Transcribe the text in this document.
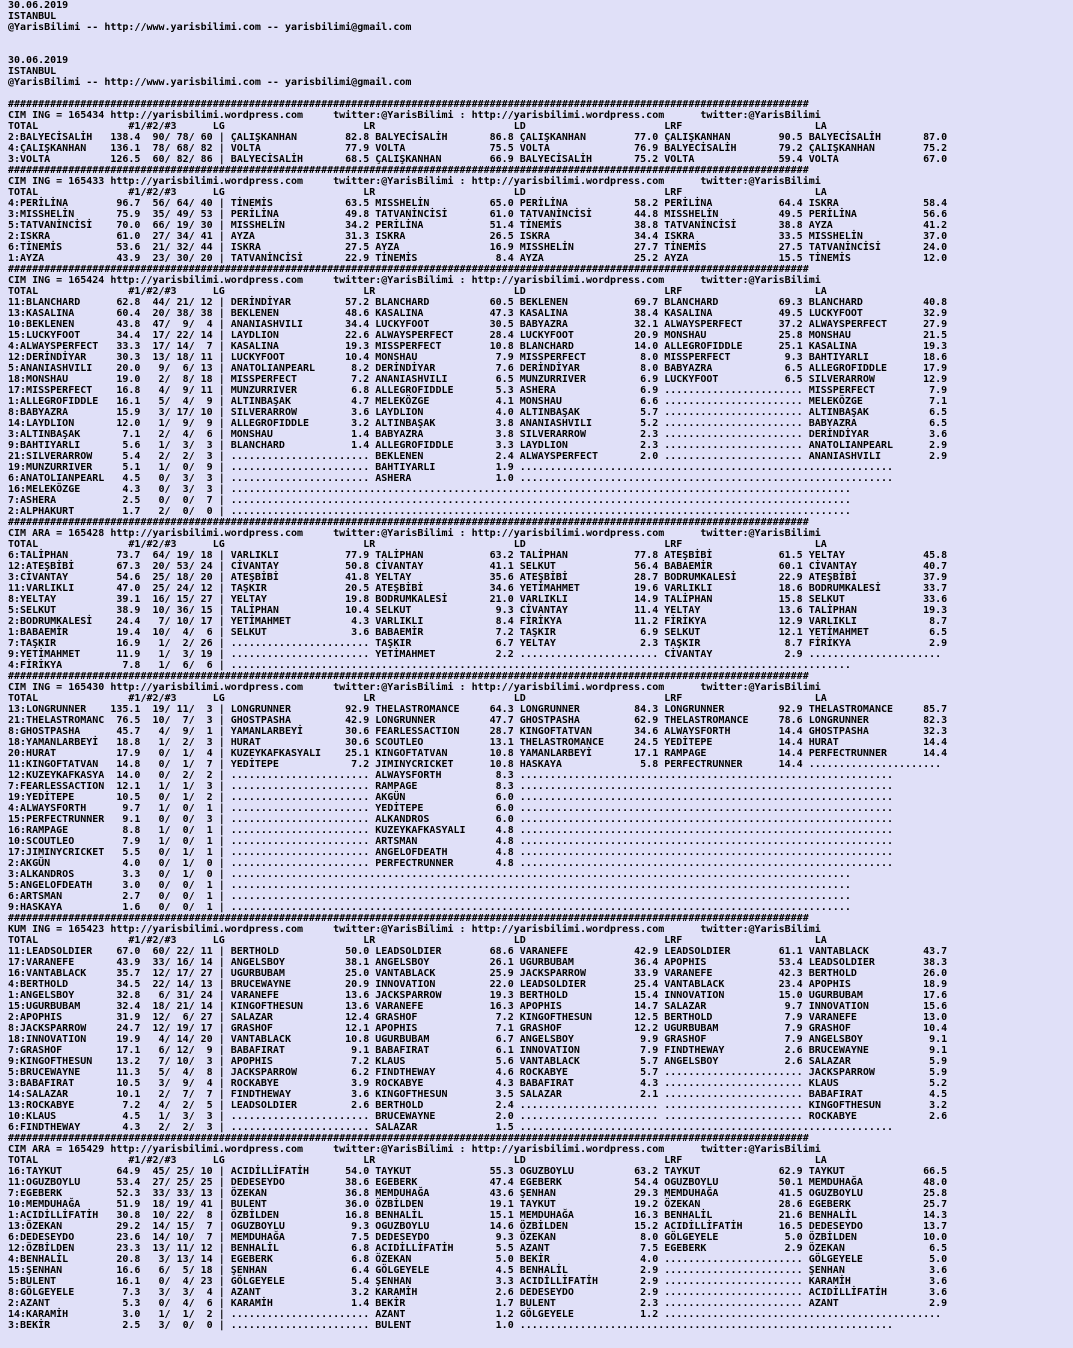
30.06.2019
ISTANBUL
@YarisBilimi -- http://www.yarisbilimi.com -- yarisbilimi@gmail.com
30.06.2019
ISTANBUL
@YarisBilimi -- http://www.yarisbilimi.com -- yarisbilimi@gmail.com
#####################################################################################################################################
CIM ING = 165434 http://yarisbilimi.wordpress.com     twitter:@YarisBilimi : http://yarisbilimi.wordpress.com      twitter:@YarisBilimi
TOTAL               #1/#2/#3      LG                       LR                       LD                       LRF                      LA
2:BALYECİSALİH   138.4  90/ 78/ 60 | ÇALIŞKANHAN        82.8 BALYECİSALİH       86.8 ÇALIŞKANHAN        77.0 ÇALIŞKANHAN        90.5 BALYECİSALİH       87.0
4:ÇALIŞKANHAN    136.1  78/ 68/ 82 | VOLTA              77.9 VOLTA              75.5 VOLTA              76.9 BALYECİSALİH       79.2 ÇALIŞKANHAN        75.2
3:VOLTA          126.5  60/ 82/ 86 | BALYECİSALİH       68.5 ÇALIŞKANHAN        66.9 BALYECİSALİH       75.2 VOLTA              59.4 VOLTA              67.0
#####################################################################################################################################
CIM ING = 165433 http://yarisbilimi.wordpress.com     twitter:@YarisBilimi : http://yarisbilimi.wordpress.com      twitter:@YarisBilimi
TOTAL               #1/#2/#3      LG                       LR                       LD                       LRF                      LA
4:PERİLİNA        96.7  56/ 64/ 40 | TİNEMİS            63.5 MISSHELİN          65.0 PERİLİNA           58.2 PERİLİNA           64.4 ISKRA              58.4
3:MISSHELİN       75.9  35/ 49/ 53 | PERİLİNA           49.8 TATVANİNCİSİ       61.0 TATVANİNCİSİ       44.8 MISSHELİN          49.5 PERİLİNA           56.6
5:TATVANİNCİSİ    70.0  66/ 19/ 30 | MISSHELİN          34.2 PERİLİNA           51.4 TİNEMİS            38.8 TATVANİNCİSİ       38.8 AYZA               41.2
2:ISKRA           61.0  27/ 34/ 41 | AYZA               31.3 ISKRA              26.5 ISKRA              34.4 ISKRA              33.5 MISSHELİN          37.0
6:TİNEMİS         53.6  21/ 32/ 44 | ISKRA              27.5 AYZA               16.9 MISSHELİN          27.7 TİNEMİS            27.5 TATVANİNCİSİ       24.0
1:AYZA            43.9  23/ 30/ 20 | TATVANİNCİSİ       22.9 TİNEMİS             8.4 AYZA               25.2 AYZA               15.5 TİNEMİS            12.0
#####################################################################################################################################
CIM ING = 165424 http://yarisbilimi.wordpress.com     twitter:@YarisBilimi : http://yarisbilimi.wordpress.com      twitter:@YarisBilimi
TOTAL               #1/#2/#3      LG                       LR                       LD                       LRF                      LA
11:BLANCHARD      62.8  44/ 21/ 12 | DERİNDİYAR         57.2 BLANCHARD          60.5 BEKLENEN           69.7 BLANCHARD          69.3 BLANCHARD          40.8
13:KASALINA       60.4  20/ 38/ 38 | BEKLENEN           48.6 KASALINA           47.3 KASALINA           38.4 KASALINA           49.5 LUCKYFOOT          32.9
10:BEKLENEN       43.8  47/  9/  4 | ANANIASHVILI       34.4 LUCKYFOOT          30.5 BABYAZRA           32.1 ALWAYSPERFECT      37.2 ALWAYSPERFECT      27.9
15:LUCKYFOOT      34.4  17/ 22/ 14 | LAYDLION           22.6 ALWAYSPERFECT      28.4 LUCKYFOOT          20.9 MONSHAU            25.8 MONSHAU            21.5
4:ALWAYSPERFECT   33.3  17/ 14/  7 | KASALINA           19.3 MISSPERFECT        10.8 BLANCHARD          14.0 ALLEGROFIDDLE      25.1 KASALINA           19.3
12:DERİNDİYAR     30.3  13/ 18/ 11 | LUCKYFOOT          10.4 MONSHAU             7.9 MISSPERFECT         8.0 MISSPERFECT         9.3 BAHTIYARLI         18.6
5:ANANIASHVILI    20.0   9/  6/ 13 | ANATOLIANPEARL      8.2 DERİNDİYAR          7.6 DERİNDİYAR          8.0 BABYAZRA            6.5 ALLEGROFIDDLE      17.9
18:MONSHAU        19.0   2/  8/ 18 | MISSPERFECT         7.2 ANANIASHVILI        6.5 MUNZURRIVER         6.9 LUCKYFOOT           6.5 SILVERARROW        12.9
17:MISSPERFECT    16.8   4/  9/ 11 | MUNZURRIVER         6.8 ALLEGROFIDDLE       5.3 ASHERA              6.9 ....................... MISSPERFECT         7.9
1:ALLEGROFIDDLE   16.1   5/  4/  9 | ALTINBAŞAK          4.7 MELEKÖZGE           4.1 MONSHAU             6.6 ....................... MELEKÖZGE           7.1
8:BABYAZRA        15.9   3/ 17/ 10 | SILVERARROW         3.6 LAYDLION            4.0 ALTINBAŞAK          5.7 ....................... ALTINBAŞAK          6.5
14:LAYDLION       12.0   1/  9/  9 | ALLEGROFIDDLE       3.2 ALTINBAŞAK          3.8 ANANIASHVILI        5.2 ....................... BABYAZRA            6.5
3:ALTINBAŞAK       7.1   2/  4/  6 | MONSHAU             1.4 BABYAZRA            3.8 SILVERARROW         2.3 ....................... DERİNDİYAR          3.6
9:BAHTIYARLI       5.6   1/  3/  3 | BLANCHARD           1.4 ALLEGROFIDDLE       3.3 LAYDLION            2.3 ....................... ANATOLIANPEARL      2.9
21:SILVERARROW     5.4   2/  2/  3 | ....................... BEKLENEN            2.4 ALWAYSPERFECT       2.0 ....................... ANANIASHVILI        2.9
19:MUNZURRIVER     5.1   1/  0/  9 | ....................... BAHTIYARLI          1.9 ..............................................................
6:ANATOLIANPEARL   4.5   0/  3/  3 | ....................... ASHERA              1.0 ..............................................................
16:MELEKÖZGE       4.3   0/  3/  3 | .......................................................................................................
7:ASHERA           2.5   0/  0/  7 | .......................................................................................................
2:ALPHAKURT        1.7   2/  0/  0 | .......................................................................................................
#####################################################################################################################################
CIM ARA = 165428 http://yarisbilimi.wordpress.com     twitter:@YarisBilimi : http://yarisbilimi.wordpress.com      twitter:@YarisBilimi
TOTAL               #1/#2/#3      LG                       LR                       LD                       LRF                      LA
6:TALİPHAN        73.7  64/ 19/ 18 | VARLIKLI           77.9 TALİPHAN           63.2 TALİPHAN           77.8 ATEŞBİBİ           61.5 YELTAY             45.8
12:ATEŞBİBİ       67.3  20/ 53/ 24 | CİVANTAY           50.8 CİVANTAY           41.1 SELKUT             56.4 BABAEMİR           60.1 CİVANTAY           40.7
3:CİVANTAY        54.6  25/ 18/ 20 | ATEŞBİBİ           41.8 YELTAY             35.6 ATEŞBİBİ           28.7 BODRUMKALESİ       22.9 ATEŞBİBİ           37.9
11:VARLIKLI       47.0  25/ 24/ 12 | TAŞKIR             20.5 ATEŞBİBİ           34.6 YETİMAHMET         19.6 VARLIKLI           18.6 BODRUMKALESİ       33.7
8:YELTAY          39.1  16/ 15/ 27 | YELTAY             19.8 BODRUMKALESİ       21.0 VARLIKLI           14.9 TALİPHAN           15.8 SELKUT             33.6
5:SELKUT          38.9  10/ 36/ 15 | TALİPHAN           10.4 SELKUT              9.3 CİVANTAY           11.4 YELTAY             13.6 TALİPHAN           19.3
2:BODRUMKALESİ    24.4   7/ 10/ 17 | YETİMAHMET          4.3 VARLIKLI            8.4 FİRİKYA            11.2 FİRİKYA            12.9 VARLIKLI            8.7
1:BABAEMİR        19.4  10/  4/  6 | SELKUT              3.6 BABAEMİR            7.2 TAŞKIR              6.9 SELKUT             12.1 YETİMAHMET          6.5
7:TAŞKIR          16.9   1/  2/ 26 | ....................... TAŞKIR              6.7 YELTAY              2.3 TAŞKIR              8.7 FİRİKYA             2.9
9:YETİMAHMET      11.9   1/  3/ 19 | ....................... YETİMAHMET          2.2 ....................... CİVANTAY            2.9 ......................
4:FİRİKYA          7.8   1/  6/  6 | .......................................................................................................
#####################################################################################################################################
CIM ING = 165430 http://yarisbilimi.wordpress.com     twitter:@YarisBilimi : http://yarisbilimi.wordpress.com      twitter:@YarisBilimi
TOTAL               #1/#2/#3      LG                       LR                       LD                       LRF                      LA
13:LONGRUNNER    135.1  19/ 11/  3 | LONGRUNNER         92.9 THELASTROMANCE     64.3 LONGRUNNER         84.3 LONGRUNNER         92.9 THELASTROMANCE     85.7
21:THELASTROMANC  76.5  10/  7/  3 | GHOSTPASHA         42.9 LONGRUNNER         47.7 GHOSTPASHA         62.9 THELASTROMANCE     78.6 LONGRUNNER         82.3
8:GHOSTPASHA      45.7   4/  9/  1 | YAMANLARBEYİ       30.6 FEARLESSACTION     28.7 KINGOFTATVAN       34.6 ALWAYSFORTH        14.4 GHOSTPASHA         32.3
18:YAMANLARBEYİ   18.8   1/  2/  3 | HURAT              30.6 SCOUTLEO           13.1 THELASTROMANCE     24.5 YEDİTEPE           14.4 HURAT              14.4
20:HURAT          17.9   0/  1/  4 | KUZEYKAFKASYALI    25.1 KINGOFTATVAN       10.8 YAMANLARBEYİ       17.1 RAMPAGE            14.4 PERFECTRUNNER      14.4
11:KINGOFTATVAN   14.8   0/  1/  7 | YEDİTEPE            7.2 JIMINYCRICKET      10.8 HASKAYA             5.8 PERFECTRUNNER      14.4 ......................
12:KUZEYKAFKASYA  14.0   0/  2/  2 | ....................... ALWAYSFORTH         8.3 ..............................................................
7:FEARLESSACTION  12.1   1/  1/  3 | ....................... RAMPAGE             8.3 ..............................................................
19:YEDİTEPE       10.5   0/  1/  2 | ....................... AKGÜN               6.0 ..............................................................
4:ALWAYSFORTH      9.7   1/  0/  1 | ....................... YEDİTEPE            6.0 ..............................................................
15:PERFECTRUNNER   9.1   0/  0/  3 | ....................... ALKANDROS           6.0 ..............................................................
16:RAMPAGE         8.8   1/  0/  1 | ....................... KUZEYKAFKASYALI     4.8 ..............................................................
10:SCOUTLEO        7.9   1/  0/  1 | ....................... ARTSMAN             4.8 ..............................................................
17:JIMINYCRICKET   5.5   0/  1/  1 | ....................... ANGELOFDEATH        4.8 ..............................................................
2:AKGÜN            4.0   0/  1/  0 | ....................... PERFECTRUNNER       4.8 ..............................................................
3:ALKANDROS        3.3   0/  1/  0 | .......................................................................................................
5:ANGELOFDEATH     3.0   0/  0/  1 | .......................................................................................................
6:ARTSMAN          2.7   0/  0/  1 | .......................................................................................................
9:HASKAYA          1.6   0/  0/  1 | .......................................................................................................
#####################################################################################################################################
KUM ING = 165423 http://yarisbilimi.wordpress.com     twitter:@YarisBilimi : http://yarisbilimi.wordpress.com      twitter:@YarisBilimi
TOTAL               #1/#2/#3      LG                       LR                       LD                       LRF                      LA
11:LEADSOLDIER    67.0  60/ 22/ 11 | BERTHOLD           50.0 LEADSOLDIER        68.6 VARANEFE           42.9 LEADSOLDIER        61.1 VANTABLACK         43.7
17:VARANEFE       43.9  33/ 16/ 14 | ANGELSBOY          38.1 ANGELSBOY          26.1 UGURBUBAM          36.4 APOPHIS            53.4 LEADSOLDIER        38.3
16:VANTABLACK     35.7  12/ 17/ 27 | UGURBUBAM          25.0 VANTABLACK         25.9 JACKSPARROW        33.9 VARANEFE           42.3 BERTHOLD           26.0
4:BERTHOLD        34.5  22/ 14/ 13 | BRUCEWAYNE         20.9 INNOVATION         22.0 LEADSOLDIER        25.4 VANTABLACK         23.4 APOPHIS            18.9
1:ANGELSBOY       32.8   6/ 31/ 24 | VARANEFE           13.6 JACKSPARROW        19.3 BERTHOLD           15.4 INNOVATION         15.0 UGURBUBAM          17.6
15:UGURBUBAM      32.4  18/ 21/ 14 | KINGOFTHESUN       13.6 VARANEFE           16.3 APOPHIS            14.7 SALAZAR             9.7 INNOVATION         15.6
2:APOPHIS         31.9  12/  6/ 27 | SALAZAR            12.4 GRASHOF             7.2 KINGOFTHESUN       12.5 BERTHOLD            7.9 VARANEFE           13.0
8:JACKSPARROW     24.7  12/ 19/ 17 | GRASHOF            12.1 APOPHIS             7.1 GRASHOF            12.2 UGURBUBAM           7.9 GRASHOF            10.4
18:INNOVATION     19.9   4/ 14/ 20 | VANTABLACK         10.8 UGURBUBAM           6.7 ANGELSBOY           9.9 GRASHOF             7.9 ANGELSBOY           9.1
7:GRASHOF         17.1   6/ 12/  9 | BABAFIRAT           9.1 BABAFIRAT           6.1 INNOVATION          7.9 FINDTHEWAY          2.6 BRUCEWAYNE          9.1
9:KINGOFTHESUN    13.2   7/ 10/  3 | APOPHIS             7.2 KLAUS               5.6 VANTABLACK          5.7 ANGELSBOY           2.6 SALAZAR             5.9
5:BRUCEWAYNE      11.3   5/  4/  8 | JACKSPARROW         6.2 FINDTHEWAY          4.6 ROCKABYE            5.7 ....................... JACKSPARROW         5.9
3:BABAFIRAT       10.5   3/  9/  4 | ROCKABYE            3.9 ROCKABYE            4.3 BABAFIRAT           4.3 ....................... KLAUS               5.2
14:SALAZAR        10.1   2/  7/  7 | FINDTHEWAY          3.6 KINGOFTHESUN        3.5 SALAZAR             2.1 ....................... BABAFIRAT           4.5
13:ROCKABYE        7.2   4/  2/  5 | LEADSOLDIER         2.6 BERTHOLD            2.4 ....................... ....................... KINGOFTHESUN        3.2
10:KLAUS           4.5   1/  3/  3 | ....................... BRUCEWAYNE          2.0 ....................... ....................... ROCKABYE            2.6
6:FINDTHEWAY       4.3   2/  2/  3 | ....................... SALAZAR             1.5 ..............................................................
#####################################################################################################################################
CIM ARA = 165429 http://yarisbilimi.wordpress.com     twitter:@YarisBilimi : http://yarisbilimi.wordpress.com      twitter:@YarisBilimi
TOTAL               #1/#2/#3      LG                       LR                       LD                       LRF                      LA
16:TAYKUT         64.9  45/ 25/ 10 | ACIDİLLİFATİH      54.0 TAYKUT             55.3 OGUZBOYLU          63.2 TAYKUT             62.9 TAYKUT             66.5
11:OGUZBOYLU      53.4  27/ 25/ 25 | DEDESEYDO          38.6 EGEBERK            47.4 EGEBERK            54.4 OGUZBOYLU          50.1 MEMDUHAĞA          48.0
7:EGEBERK         52.3  33/ 33/ 13 | ÖZEKAN             36.8 MEMDUHAĞA          43.6 ŞENHAN             29.3 MEMDUHAĞA          41.5 OGUZBOYLU          25.8
10:MEMDUHAĞA      51.9  18/ 19/ 41 | BULENT             36.0 ÖZBİLDEN           19.1 TAYKUT             19.2 ÖZEKAN             28.6 EGEBERK            25.7
1:ACIDİLLİFATİH   30.8  10/ 22/  8 | ÖZBİLDEN           16.8 BENHALİL           15.1 MEMDUHAĞA          16.3 BENHALİL           21.6 BENHALİL           14.3
13:ÖZEKAN         29.2  14/ 15/  7 | OGUZBOYLU           9.3 OGUZBOYLU          14.6 ÖZBİLDEN           15.2 ACIDİLLİFATİH      16.5 DEDESEYDO          13.7
6:DEDESEYDO       23.6  14/ 10/  7 | MEMDUHAĞA           7.5 DEDESEYDO           9.3 ÖZEKAN              8.0 GÖLGEYELE           5.0 ÖZBİLDEN           10.0
12:ÖZBİLDEN       23.3  13/ 11/ 12 | BENHALİL            6.8 ACIDİLLİFATİH       5.5 AZANT               7.5 EGEBERK             2.9 ÖZEKAN              6.5
4:BENHALİL        20.8   3/ 13/ 14 | EGEBERK             6.8 ÖZEKAN              5.0 BEKİR               4.0 ....................... GÖLGEYELE           5.0
15:ŞENHAN         16.6   6/  5/ 18 | ŞENHAN              6.4 GÖLGEYELE           4.5 BENHALİL            2.9 ....................... ŞENHAN              3.6
5:BULENT          16.1   0/  4/ 23 | GÖLGEYELE           5.4 ŞENHAN              3.3 ACIDİLLİFATİH       2.9 ....................... KARAMİH             3.6
8:GÖLGEYELE        7.3   3/  3/  4 | AZANT               3.2 KARAMİH             2.6 DEDESEYDO           2.9 ....................... ACIDİLLİFATİH       3.6
2:AZANT            5.3   0/  4/  6 | KARAMİH             1.4 BEKİR               1.7 BULENT              2.3 ....................... AZANT               2.9
14:KARAMİH         3.0   1/  1/  2 | ....................... AZANT               1.2 GÖLGEYELE           1.2 ..............................................
3:BEKİR            2.5   3/  0/  0 | ....................... BULENT              1.0 ..............................................................
